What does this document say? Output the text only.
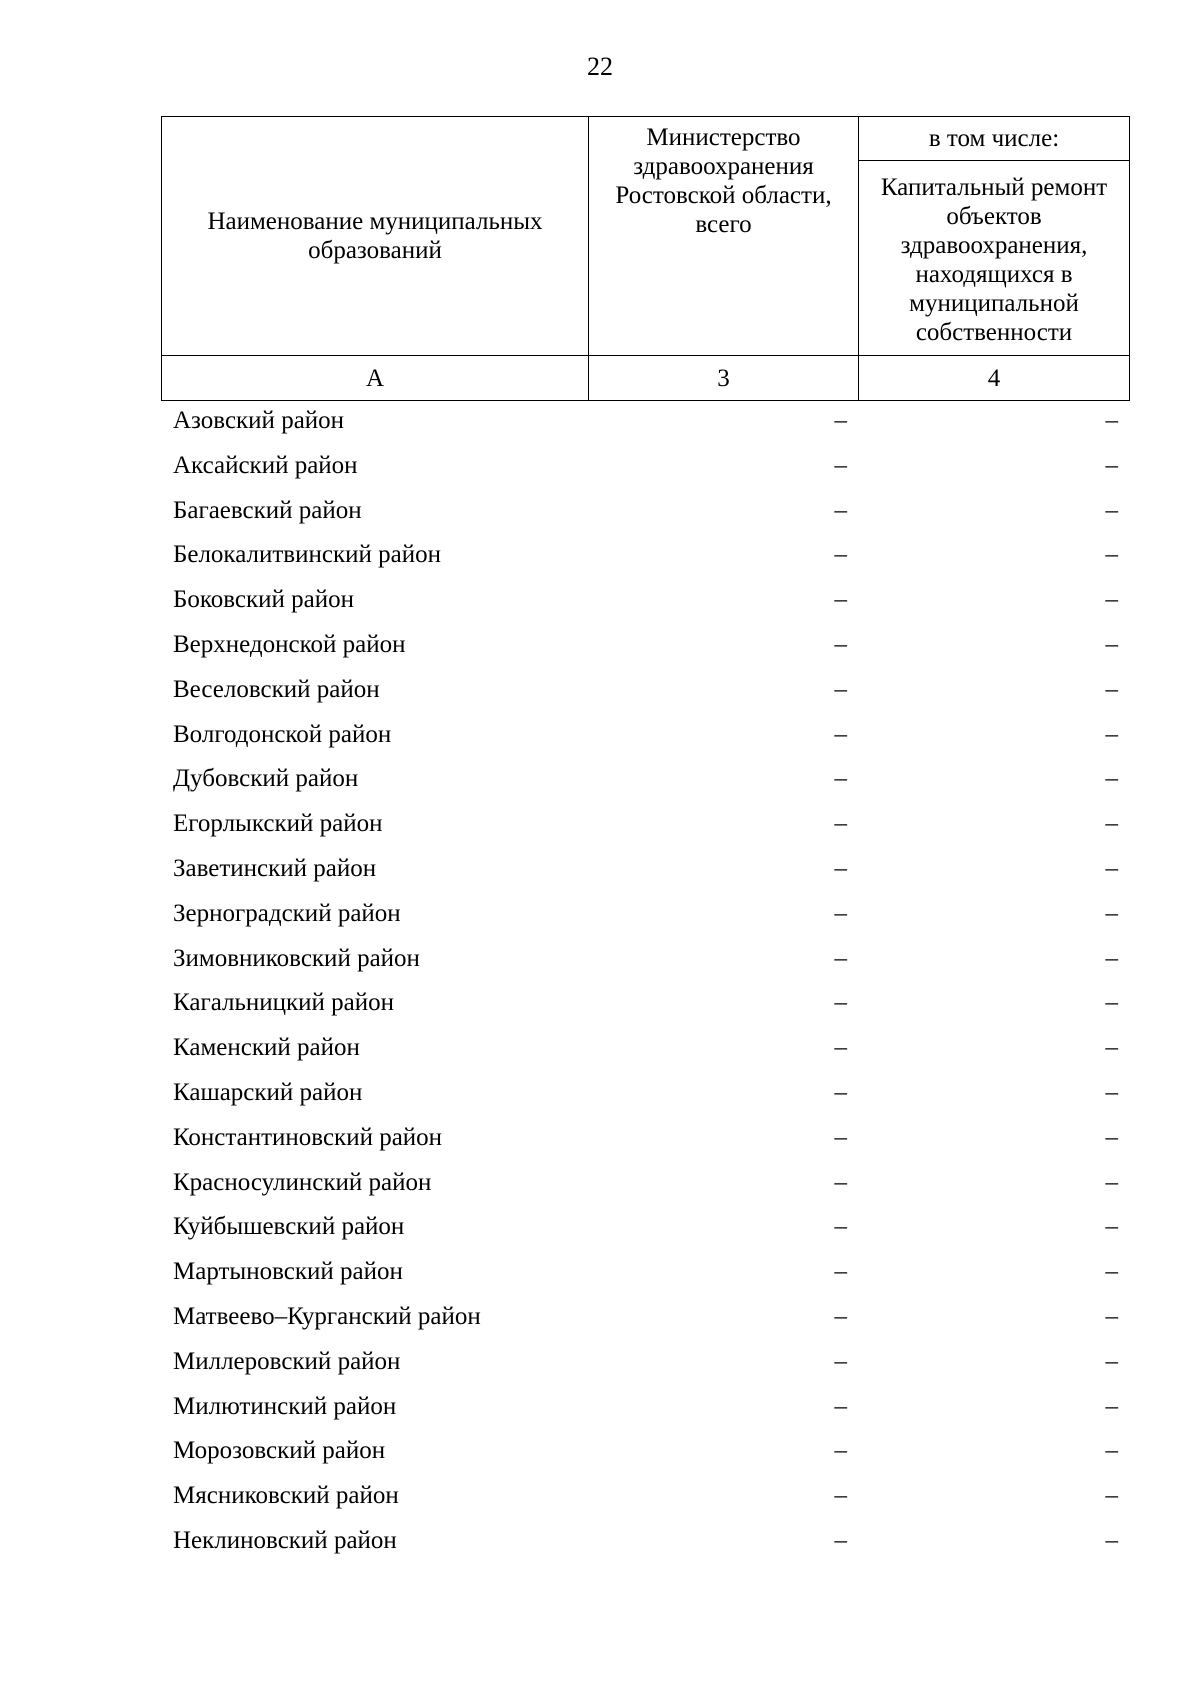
22
Наименование муниципальных образований	Министерство здравоохранения Ростовской области, всего	в том числе:
		Капитальный ремонт объектов здравоохранения, находящихся в муниципальной собственности
А	3	4
Азовский район	–	–
Аксайский район	–	–
Багаевский район	–	–
Белокалитвинский район	–	–
Боковский район	–	–
Верхнедонской район	–	–
Веселовский район	–	–
Волгодонской район	–	–
Дубовский район	–	–
Егорлыкский район	–	–
Заветинский район	–	–
Зерноградский район	–	–
Зимовниковский район	–	–
Кагальницкий район	–	–
Каменский район	–	–
Кашарский район	–	–
Константиновский район	–	–
Красносулинский район	–	–
Куйбышевский район	–	–
Мартыновский район	–	–
Матвеево–Курганский район	–	–
Миллеровский район	–	–
Милютинский район	–	–
Морозовский район	–	–
Мясниковский район	–	–
Неклиновский район	–	–
